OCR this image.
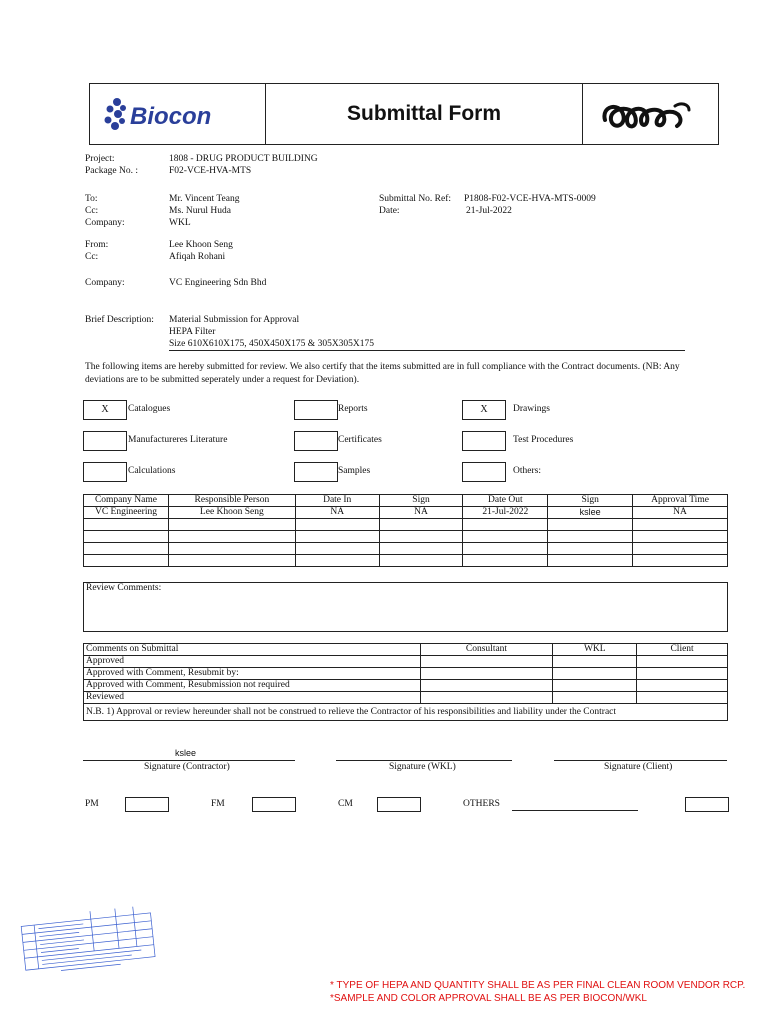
Biocon	Submittal Form
Project:	1808 - DRUG PRODUCT BUILDING
Package No. :	F02-VCE-HVA-MTS
To:	Mr. Vincent Teang
Cc:	Ms. Nurul Huda
Company:	WKL
Submittal No. Ref: P1808-F02-VCE-HVA-MTS-0009
Date:	21-Jul-2022
From:	Lee Khoon Seng
Cc:	Afiqah Rohani
Company:	VC Engineering Sdn Bhd
Brief Description: Material Submission for Approval
HEPA Filter
Size 610X610X175, 450X450X175 & 305X305X175
The following items are hereby submitted for review. We also certify that the items submitted are in full compliance with the Contract documents. (NB: Any
deviations are to be submitted seperately under a request for Deviation).
X	Catalogues	Reports	X	Drawings
Manufactureres Literature	Certificates	Test Procedures
Calculations	Samples	Others:
Company Name	Responsible Person	Date In	Sign	Date Out	Sign	Approval Time
VC Engineering	Lee Khoon Seng	NA	NA	21-Jul-2022	kslee	NA

Review Comments:
Comments on Submittal	Consultant	WKL	Client
Approved			
Approved with Comment, Resubmit by:			
Approved with Comment, Resubmission not required			
Reviewed			
N.B. 1) Approval or review hereunder shall not be construed to relieve the Contractor of his responsibilities and liability under the Contract			
kslee
Signature (Contractor)	Signature (WKL)	Signature (Client)
PM	FM	CM	OTHERS
* TYPE OF HEPA AND QUANTITY SHALL BE AS PER FINAL CLEAN ROOM VENDOR RCP.
*SAMPLE AND COLOR APPROVAL SHALL BE AS PER BIOCON/WKL
